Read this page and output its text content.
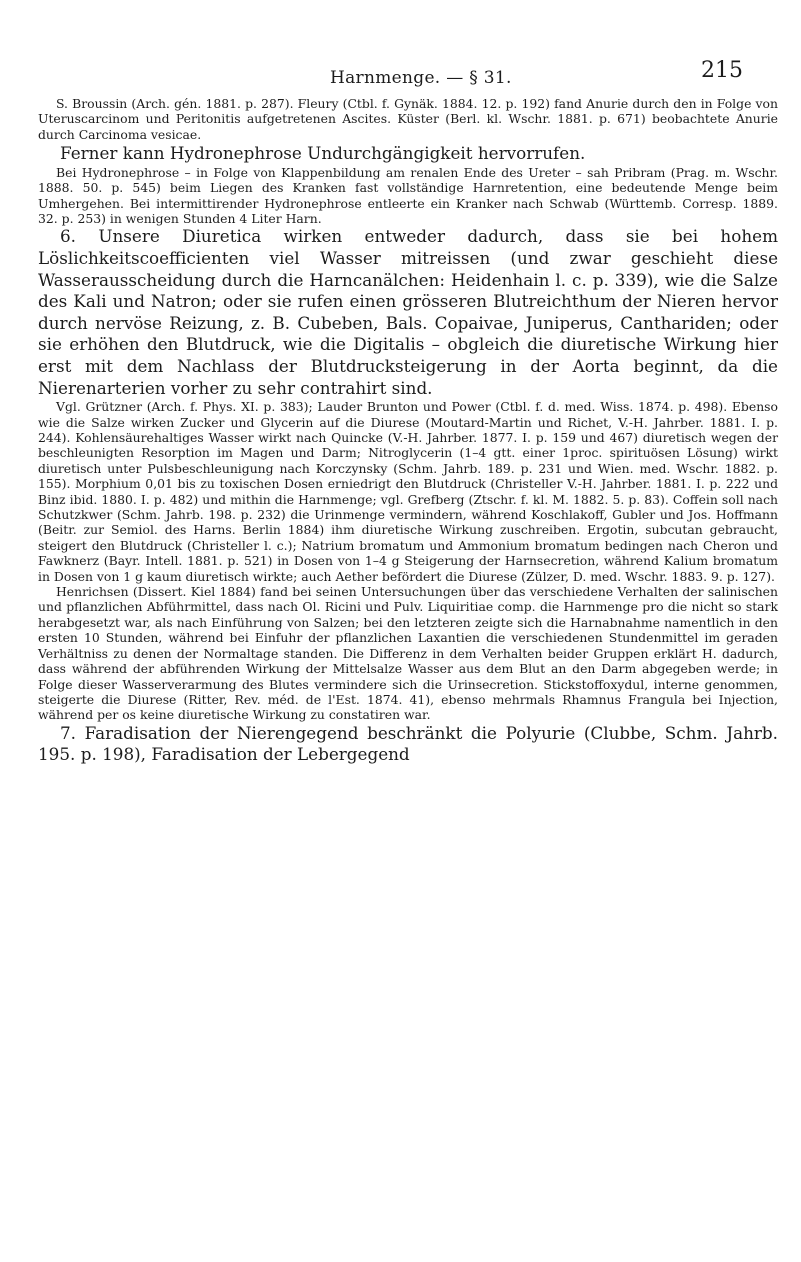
Harnmenge. — § 31.	215

S. Broussin (Arch. gén. 1881. p. 287). Fleury (Ctbl. f. Gynäk. 1884. 12. p. 192) fand Anurie durch den in Folge von Uteruscarcinom und Peritonitis aufgetretenen Ascites. Küster (Berl. kl. Wschr. 1881. p. 671) beobachtete Anurie durch Carcinoma vesicae.

Ferner kann Hydronephrose Undurchgängigkeit hervorrufen.

Bei Hydronephrose – in Folge von Klappenbildung am renalen Ende des Ureter – sah Pribram (Prag. m. Wschr. 1888. 50. p. 545) beim Liegen des Kranken fast vollständige Harnretention, eine bedeutende Menge beim Umhergehen. Bei intermittirender Hydronephrose entleerte ein Kranker nach Schwab (Württemb. Corresp. 1889. 32. p. 253) in wenigen Stunden 4 Liter Harn.

6. Unsere Diuretica wirken entweder dadurch, dass sie bei hohem Löslichkeitscoefficienten viel Wasser mitreissen (und zwar geschieht diese Wasserausscheidung durch die Harncanälchen: Heidenhain l. c. p. 339), wie die Salze des Kali und Natron; oder sie rufen einen grösseren Blutreichthum der Nieren hervor durch nervöse Reizung, z. B. Cubeben, Bals. Copaivae, Juniperus, Canthariden; oder sie erhöhen den Blutdruck, wie die Digitalis – obgleich die diuretische Wirkung hier erst mit dem Nachlass der Blutdrucksteigerung in der Aorta beginnt, da die Nierenarterien vorher zu sehr contrahirt sind.

Vgl. Grützner (Arch. f. Phys. XI. p. 383); Lauder Brunton und Power (Ctbl. f. d. med. Wiss. 1874. p. 498). Ebenso wie die Salze wirken Zucker und Glycerin auf die Diurese (Moutard-Martin und Richet, V.-H. Jahrber. 1881. I. p. 244). Kohlensäurehaltiges Wasser wirkt nach Quincke (V.-H. Jahrber. 1877. I. p. 159 und 467) diuretisch wegen der beschleunigten Resorption im Magen und Darm; Nitroglycerin (1–4 gtt. einer 1proc. spirituösen Lösung) wirkt diuretisch unter Pulsbeschleunigung nach Korczynsky (Schm. Jahrb. 189. p. 231 und Wien. med. Wschr. 1882. p. 155). Morphium 0,01 bis zu toxischen Dosen erniedrigt den Blutdruck (Christeller V.-H. Jahrber. 1881. I. p. 222 und Binz ibid. 1880. I. p. 482) und mithin die Harnmenge; vgl. Grefberg (Ztschr. f. kl. M. 1882. 5. p. 83). Coffein soll nach Schutzkwer (Schm. Jahrb. 198. p. 232) die Urinmenge vermindern, während Koschlakoff, Gubler und Jos. Hoffmann (Beitr. zur Semiol. des Harns. Berlin 1884) ihm diuretische Wirkung zuschreiben. Ergotin, subcutan gebraucht, steigert den Blutdruck (Christeller l. c.); Natrium bromatum und Ammonium bromatum bedingen nach Cheron und Fawknerz (Bayr. Intell. 1881. p. 521) in Dosen von 1–4 g Steigerung der Harnsecretion, während Kalium bromatum in Dosen von 1 g kaum diuretisch wirkte; auch Aether befördert die Diurese (Zülzer, D. med. Wschr. 1883. 9. p. 127).

Henrichsen (Dissert. Kiel 1884) fand bei seinen Untersuchungen über das verschiedene Verhalten der salinischen und pflanzlichen Abführmittel, dass nach Ol. Ricini und Pulv. Liquiritiae comp. die Harnmenge pro die nicht so stark herabgesetzt war, als nach Einführung von Salzen; bei den letzteren zeigte sich die Harnabnahme namentlich in den ersten 10 Stunden, während bei Einfuhr der pflanzlichen Laxantien die verschiedenen Stundenmittel im geraden Verhältniss zu denen der Normaltage standen. Die Differenz in dem Verhalten beider Gruppen erklärt H. dadurch, dass während der abführenden Wirkung der Mittelsalze Wasser aus dem Blut an den Darm abgegeben werde; in Folge dieser Wasserverarmung des Blutes vermindere sich die Urinsecretion. Stickstoffoxydul, interne genommen, steigerte die Diurese (Ritter, Rev. méd. de l'Est. 1874. 41), ebenso mehrmals Rhamnus Frangula bei Injection, während per os keine diuretische Wirkung zu constatiren war.

7. Faradisation der Nierengegend beschränkt die Polyurie (Clubbe, Schm. Jahrb. 195. p. 198), Faradisation der Lebergegend
